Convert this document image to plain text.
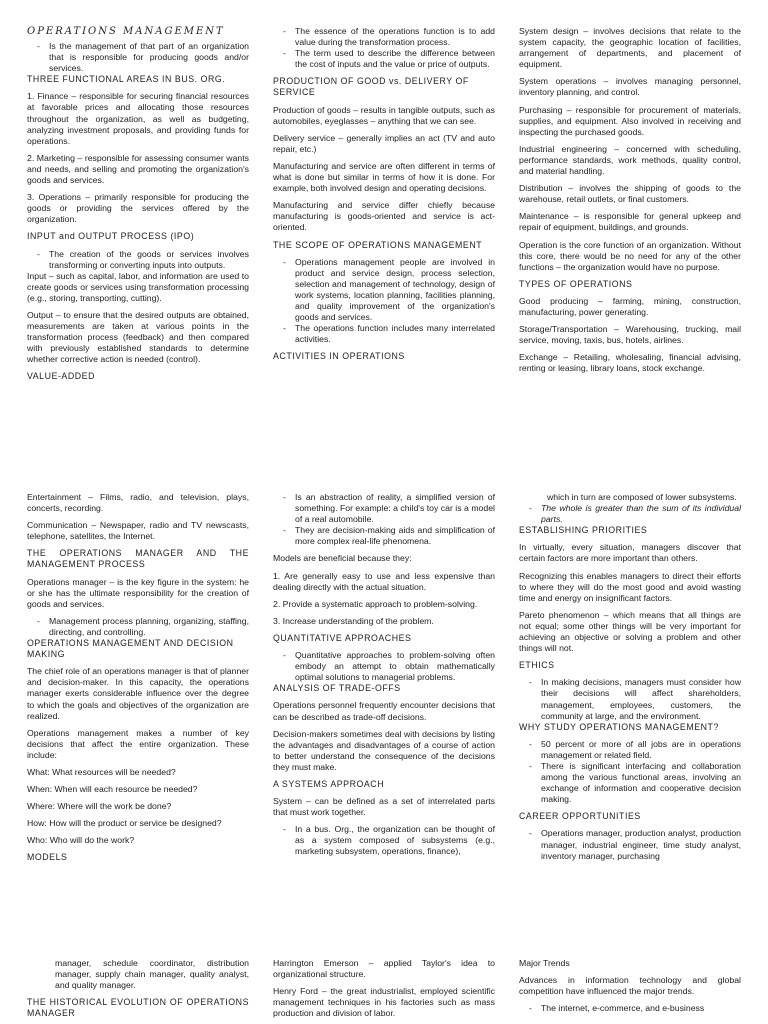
OPERATIONS MANAGEMENT
- Is the management of that part of an organization that is responsible for producing goods and/or services.
THREE FUNCTIONAL AREAS IN BUS. ORG.
1. Finance – responsible for securing financial resources at favorable prices and allocating those resources throughout the organization, as well as budgeting, analyzing investment proposals, and providing funds for operations.
2. Marketing – responsible for assessing consumer wants and needs, and selling and promoting the organization's goods and services.
3. Operations – primarily responsible for producing the goods or providing the services offered by the organization.
INPUT and OUTPUT PROCESS (IPO)
- The creation of the goods or services involves transforming or converting inputs into outputs.
Input – such as capital, labor, and information are used to create goods or services using transformation processing (e.g., storing, transporting, cutting).
Output – to ensure that the desired outputs are obtained, measurements are taken at various points in the transformation process (feedback) and then compared with previously established standards to determine whether corrective action is needed (control).
VALUE-ADDED
- The essence of the operations function is to add value during the transformation process.
- The term used to describe the difference between the cost of inputs and the value or price of outputs.
PRODUCTION OF GOOD vs. DELIVERY OF SERVICE
Production of goods – results in tangible outputs, such as automobiles, eyeglasses – anything that we can see.
Delivery service – generally implies an act (TV and auto repair, etc.)
Manufacturing and service are often different in terms of what is done but similar in terms of how it is done. For example, both involved design and operating decisions.
Manufacturing and service differ chiefly because manufacturing is goods-oriented and service is act-oriented.
THE SCOPE OF OPERATIONS MANAGEMENT
- Operations management people are involved in product and service design, process selection, selection and management of technology, design of work systems, location planning, facilities planning, and quality improvement of the organization's goods and services.
- The operations function includes many interrelated activities.
ACTIVITIES IN OPERATIONS
System design – involves decisions that relate to the system capacity, the geographic location of facilities, arrangement of departments, and placement of equipment.
System operations – involves managing personnel, inventory planning, and control.
Purchasing – responsible for procurement of materials, supplies, and equipment. Also involved in receiving and inspecting the purchased goods.
Industrial engineering – concerned with scheduling, performance standards, work methods, quality control, and material handling.
Distribution – involves the shipping of goods to the warehouse, retail outlets, or final customers.
Maintenance – is responsible for general upkeep and repair of equipment, buildings, and grounds.
Operation is the core function of an organization. Without this core, there would be no need for any of the other functions – the organization would have no purpose.
TYPES OF OPERATIONS
Good producing – farming, mining, construction, manufacturing, power generating.
Storage/Transportation – Warehousing, trucking, mail service, moving, taxis, bus, hotels, airlines.
Exchange – Retailing, wholesaling, financial advising, renting or leasing, library loans, stock exchange.
Entertainment – Films, radio, and television, plays, concerts, recording.
Communication – Newspaper, radio and TV newscasts, telephone, satellites, the Internet.
THE OPERATIONS MANAGER AND THE MANAGEMENT PROCESS
Operations manager – is the key figure in the system: he or she has the ultimate responsibility for the creation of goods and services.
- Management process planning, organizing, staffing, directing, and controlling.
OPERATIONS MANAGEMENT AND DECISION MAKING
The chief role of an operations manager is that of planner and decision-maker. In this capacity, the operations manager exerts considerable influence over the degree to which the goals and objectives of the organization are realized.
Operations management makes a number of key decisions that affect the entire organization. These include:
What: What resources will be needed?
When: When will each resource be needed?
Where: Where will the work be done?
How: How will the product or service be designed?
Who: Who will do the work?
MODELS
- Is an abstraction of reality, a simplified version of something. For example: a child's toy car is a model of a real automobile.
- They are decision-making aids and simplification of more complex real-life phenomena.
Models are beneficial because they:
1. Are generally easy to use and less expensive than dealing directly with the actual situation.
2. Provide a systematic approach to problem-solving.
3. Increase understanding of the problem.
QUANTITATIVE APPROACHES
- Quantitative approaches to problem-solving often embody an attempt to obtain mathematically optimal solutions to managerial problems.
ANALYSIS OF TRADE-OFFS
Operations personnel frequently encounter decisions that can be described as trade-off decisions.
Decision-makers sometimes deal with decisions by listing the advantages and disadvantages of a course of action to better understand the consequence of the decisions they must make.
A SYSTEMS APPROACH
System – can be defined as a set of interrelated parts that must work together.
- In a bus. Org., the organization can be thought of as a system composed of subsystems (e.g., marketing subsystem, operations, finance),
which in turn are composed of lower subsystems.
- The whole is greater than the sum of its individual parts.
ESTABLISHING PRIORITIES
In virtually, every situation, managers discover that certain factors are more important than others.
Recognizing this enables managers to direct their efforts to where they will do the most good and avoid wasting time and energy on insignificant factors.
Pareto phenomenon – which means that all things are not equal; some other things will be very important for achieving an objective or solving a problem and other things will not.
ETHICS
- In making decisions, managers must consider how their decisions will affect shareholders, management, employees, customers, the community at large, and the environment.
WHY STUDY OPERATIONS MANAGEMENT?
- 50 percent or more of all jobs are in operations management or related field.
- There is significant interfacing and collaboration among the various functional areas, involving an exchange of information and cooperative decision making.
CAREER OPPORTUNITIES
- Operations manager, production analyst, production manager, industrial engineer, time study analyst, inventory manager, purchasing
manager, schedule coordinator, distribution manager, supply chain manager, quality analyst, and quality manager.
THE HISTORICAL EVOLUTION OF OPERATIONS MANAGER
Harrington Emerson – applied Taylor's idea to organizational structure.
Henry Ford – the great industrialist, employed scientific management techniques in his factories such as mass production and division of labor.
Major Trends
Advances in information technology and global competition have influenced the major trends.
- The internet, e-commerce, and e-business
